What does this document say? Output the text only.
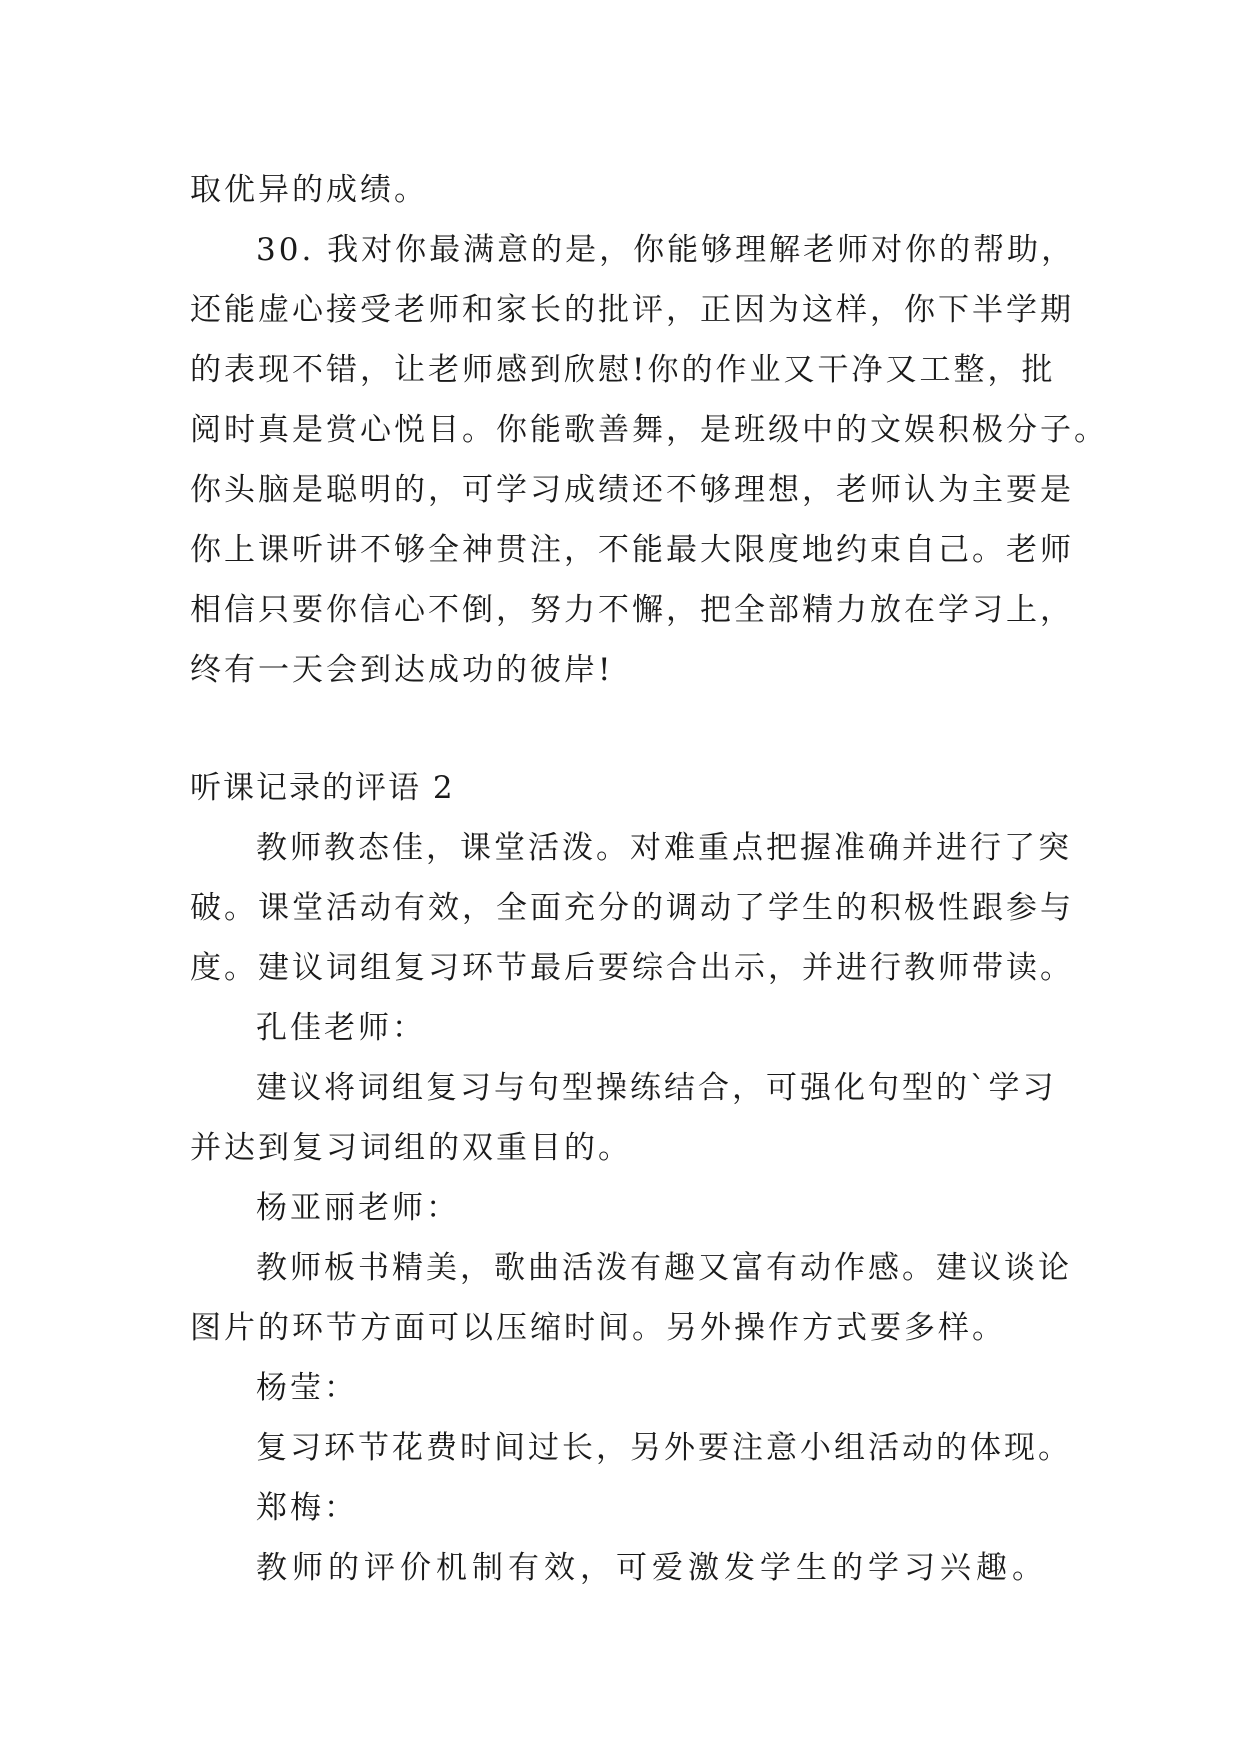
取优异的成绩。
30. 我对你最满意的是，你能够理解老师对你的帮助，
还能虚心接受老师和家长的批评，正因为这样，你下半学期
的表现不错，让老师感到欣慰!你的作业又干净又工整，批
阅时真是赏心悦目。你能歌善舞，是班级中的文娱积极分子。
你头脑是聪明的，可学习成绩还不够理想，老师认为主要是
你上课听讲不够全神贯注，不能最大限度地约束自己。老师
相信只要你信心不倒，努力不懈，把全部精力放在学习上，
终有一天会到达成功的彼岸!
听课记录的评语 2
教师教态佳，课堂活泼。对难重点把握准确并进行了突
破。课堂活动有效，全面充分的调动了学生的积极性跟参与
度。建议词组复习环节最后要综合出示，并进行教师带读。
孔佳老师：
建议将词组复习与句型操练结合，可强化句型的`学习
并达到复习词组的双重目的。
杨亚丽老师：
教师板书精美，歌曲活泼有趣又富有动作感。建议谈论
图片的环节方面可以压缩时间。另外操作方式要多样。
杨莹：
复习环节花费时间过长，另外要注意小组活动的体现。
郑梅：
教师的评价机制有效，可爱激发学生的学习兴趣。
